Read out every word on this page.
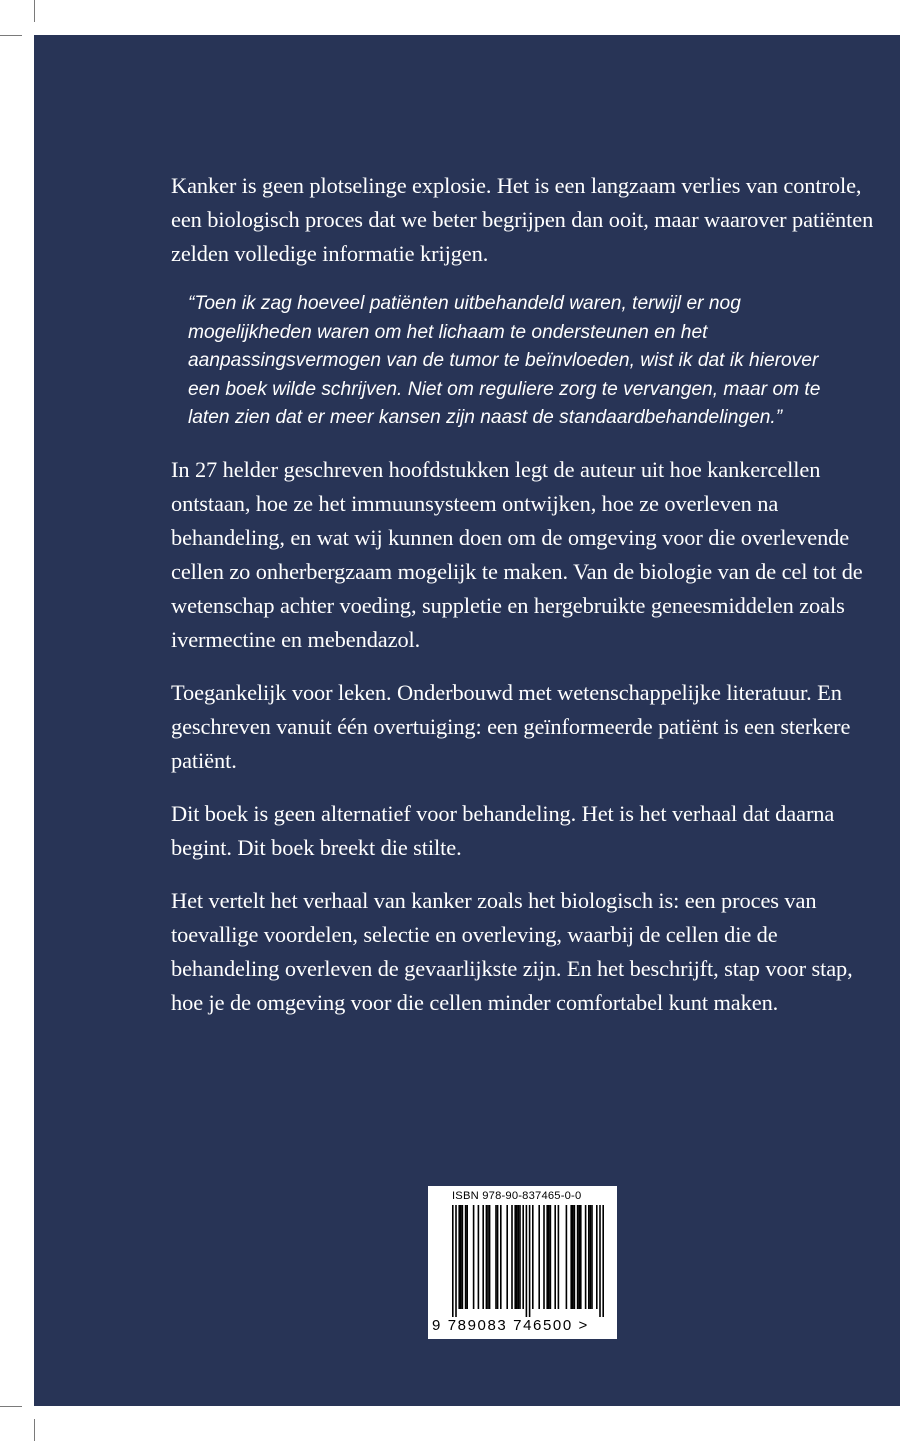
Kanker is geen plotselinge explosie. Het is een langzaam verlies van controle, een biologisch proces dat we beter begrijpen dan ooit, maar waarover patiënten zelden volledige informatie krijgen.

“Toen ik zag hoeveel patiënten uitbehandeld waren, terwijl er nog mogelijkheden waren om het lichaam te ondersteunen en het aanpassingsvermogen van de tumor te beïnvloeden, wist ik dat ik hierover een boek wilde schrijven. Niet om reguliere zorg te vervangen, maar om te laten zien dat er meer kansen zijn naast de standaardbehandelingen.”

In 27 helder geschreven hoofdstukken legt de auteur uit hoe kankercellen ontstaan, hoe ze het immuunsysteem ontwijken, hoe ze overleven na behandeling, en wat wij kunnen doen om de omgeving voor die overlevende cellen zo onherbergzaam mogelijk te maken. Van de biologie van de cel tot de wetenschap achter voeding, suppletie en hergebruikte geneesmiddelen zoals ivermectine en mebendazol.

Toegankelijk voor leken. Onderbouwd met wetenschappelijke literatuur. En geschreven vanuit één overtuiging: een geïnformeerde patiënt is een sterkere patiënt.

Dit boek is geen alternatief voor behandeling. Het is het verhaal dat daarna begint. Dit boek breekt die stilte.

Het vertelt het verhaal van kanker zoals het biologisch is: een proces van toevallige voordelen, selectie en overleving, waarbij de cellen die de behandeling overleven de gevaarlijkste zijn. En het beschrijft, stap voor stap, hoe je de omgeving voor die cellen minder comfortabel kunt maken.

ISBN 978-90-837465-0-0
9 789083 746500 >
